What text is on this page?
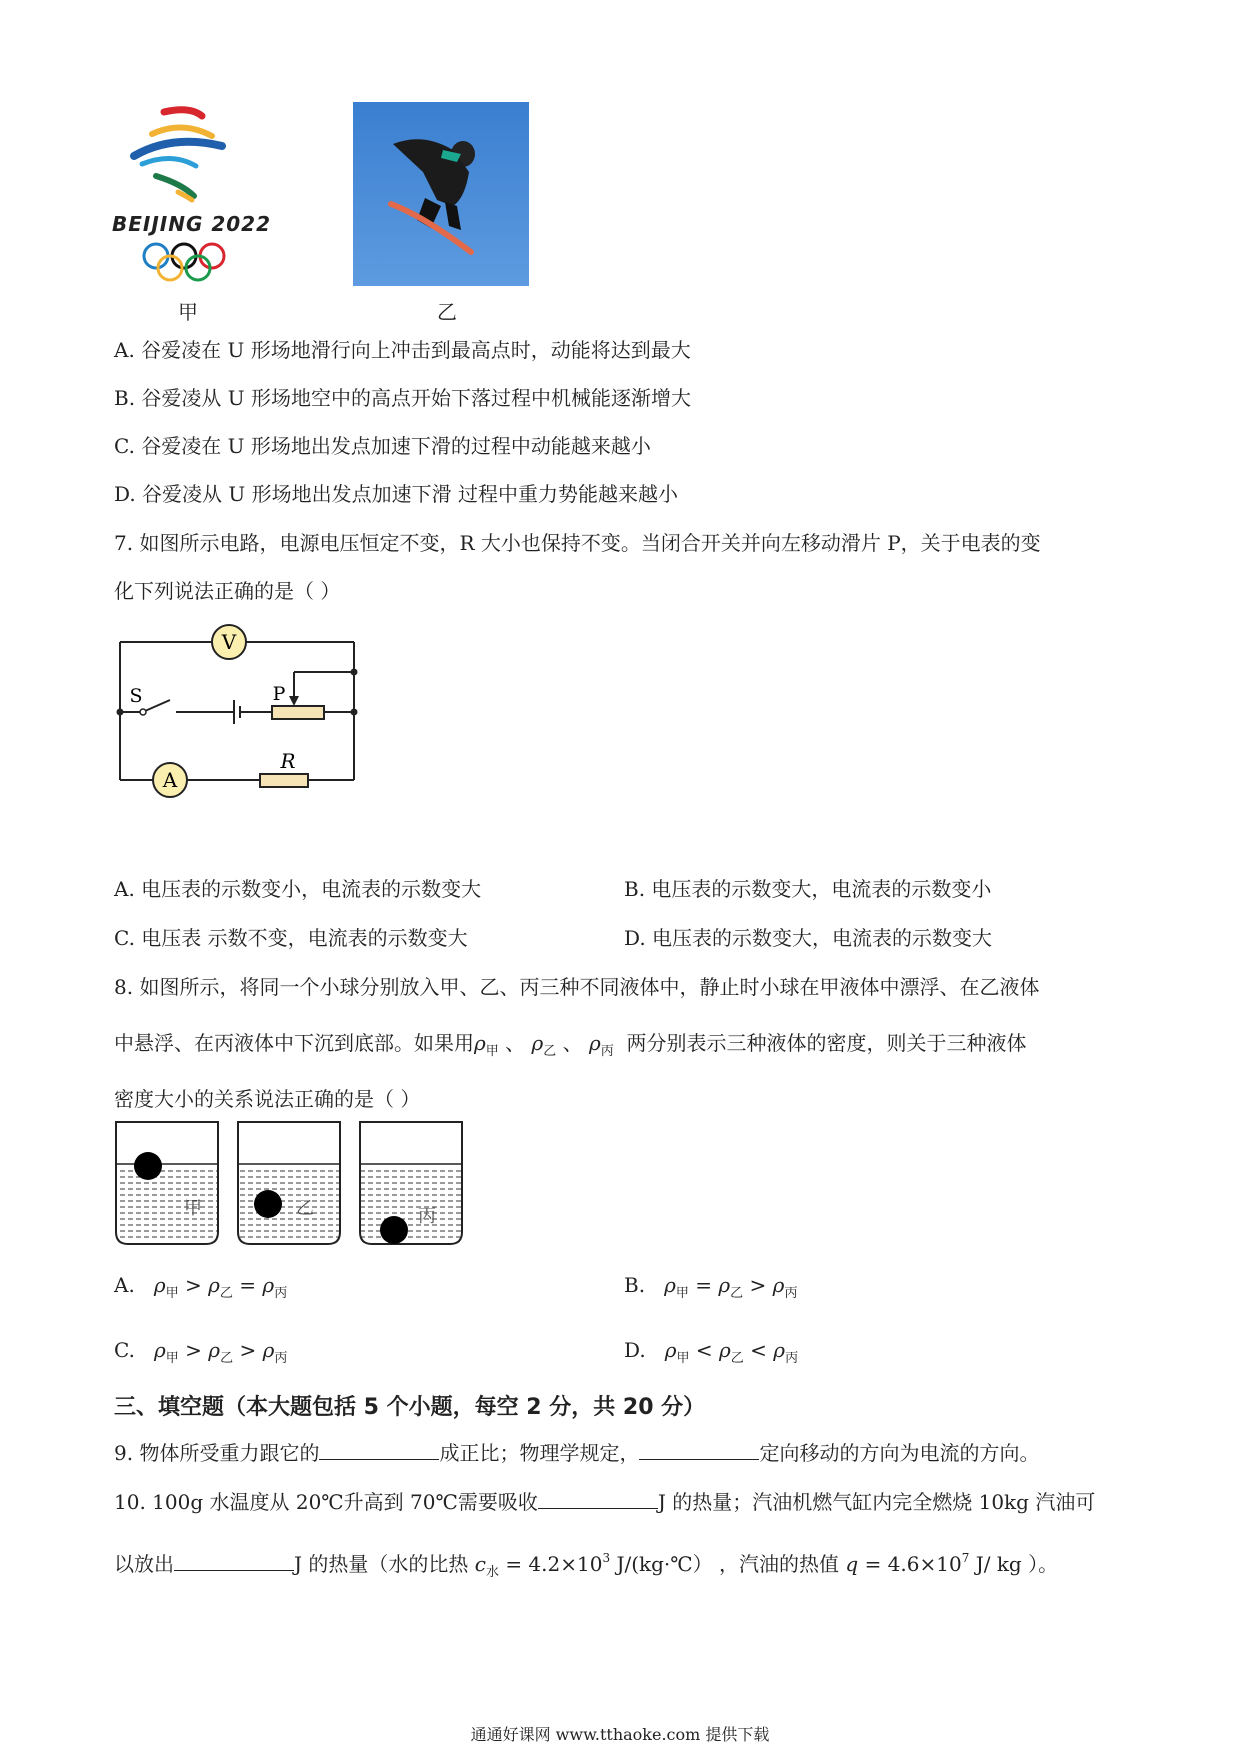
BEIJING 2022
甲	乙
A. 谷爱凌在 U 形场地滑行向上冲击到最高点时，动能将达到最大
B. 谷爱凌从 U 形场地空中的高点开始下落过程中机械能逐渐增大
C. 谷爱凌在 U 形场地出发点加速下滑的过程中动能越来越小
D. 谷爱凌从 U 形场地出发点加速下滑 过程中重力势能越来越小
7. 如图所示电路，电源电压恒定不变，R 大小也保持不变。当闭合开关并向左移动滑片 P，关于电表的变
化下列说法正确的是（ ）
V
A
S	P
R
A. 电压表的示数变小，电流表的示数变大	B. 电压表的示数变大，电流表的示数变小
C. 电压表 示数不变，电流表的示数变大	D. 电压表的示数变大，电流表的示数变大
8. 如图所示，将同一个小球分别放入甲、乙、丙三种不同液体中，静止时小球在甲液体中漂浮、在乙液体
中悬浮、在丙液体中下沉到底部。如果用$\rho_甲$ 、 $\rho_乙$ 、 $\rho_丙$ 两分别表示三种液体的密度，则关于三种液体
密度大小的关系说法正确的是（ ）
甲	乙	丙
A. $\rho_甲 > \rho_乙 = \rho_丙$	B. $\rho_甲 = \rho_乙 > \rho_丙$
C. $\rho_甲 > \rho_乙 > \rho_丙$	D. $\rho_甲 < \rho_乙 < \rho_丙$
三、填空题（本大题包括 5 个小题，每空 2 分，共 20 分）
9. 物体所受重力跟它的	成正比；物理学规定，	定向移动的方向为电流的方向。
10. 100g 水温度从 20℃升高到 70℃需要吸收	J 的热量；汽油机燃气缸内完全燃烧 10kg 汽油可
以放出	J 的热量（水的比热 $c_水 = 4.2\times 10^3$ J/(kg·℃） ，汽油的热值 $q = 4.6\times 10^7$ J/ kg ）。
通通好课网 www.tthaoke.com 提供下载
